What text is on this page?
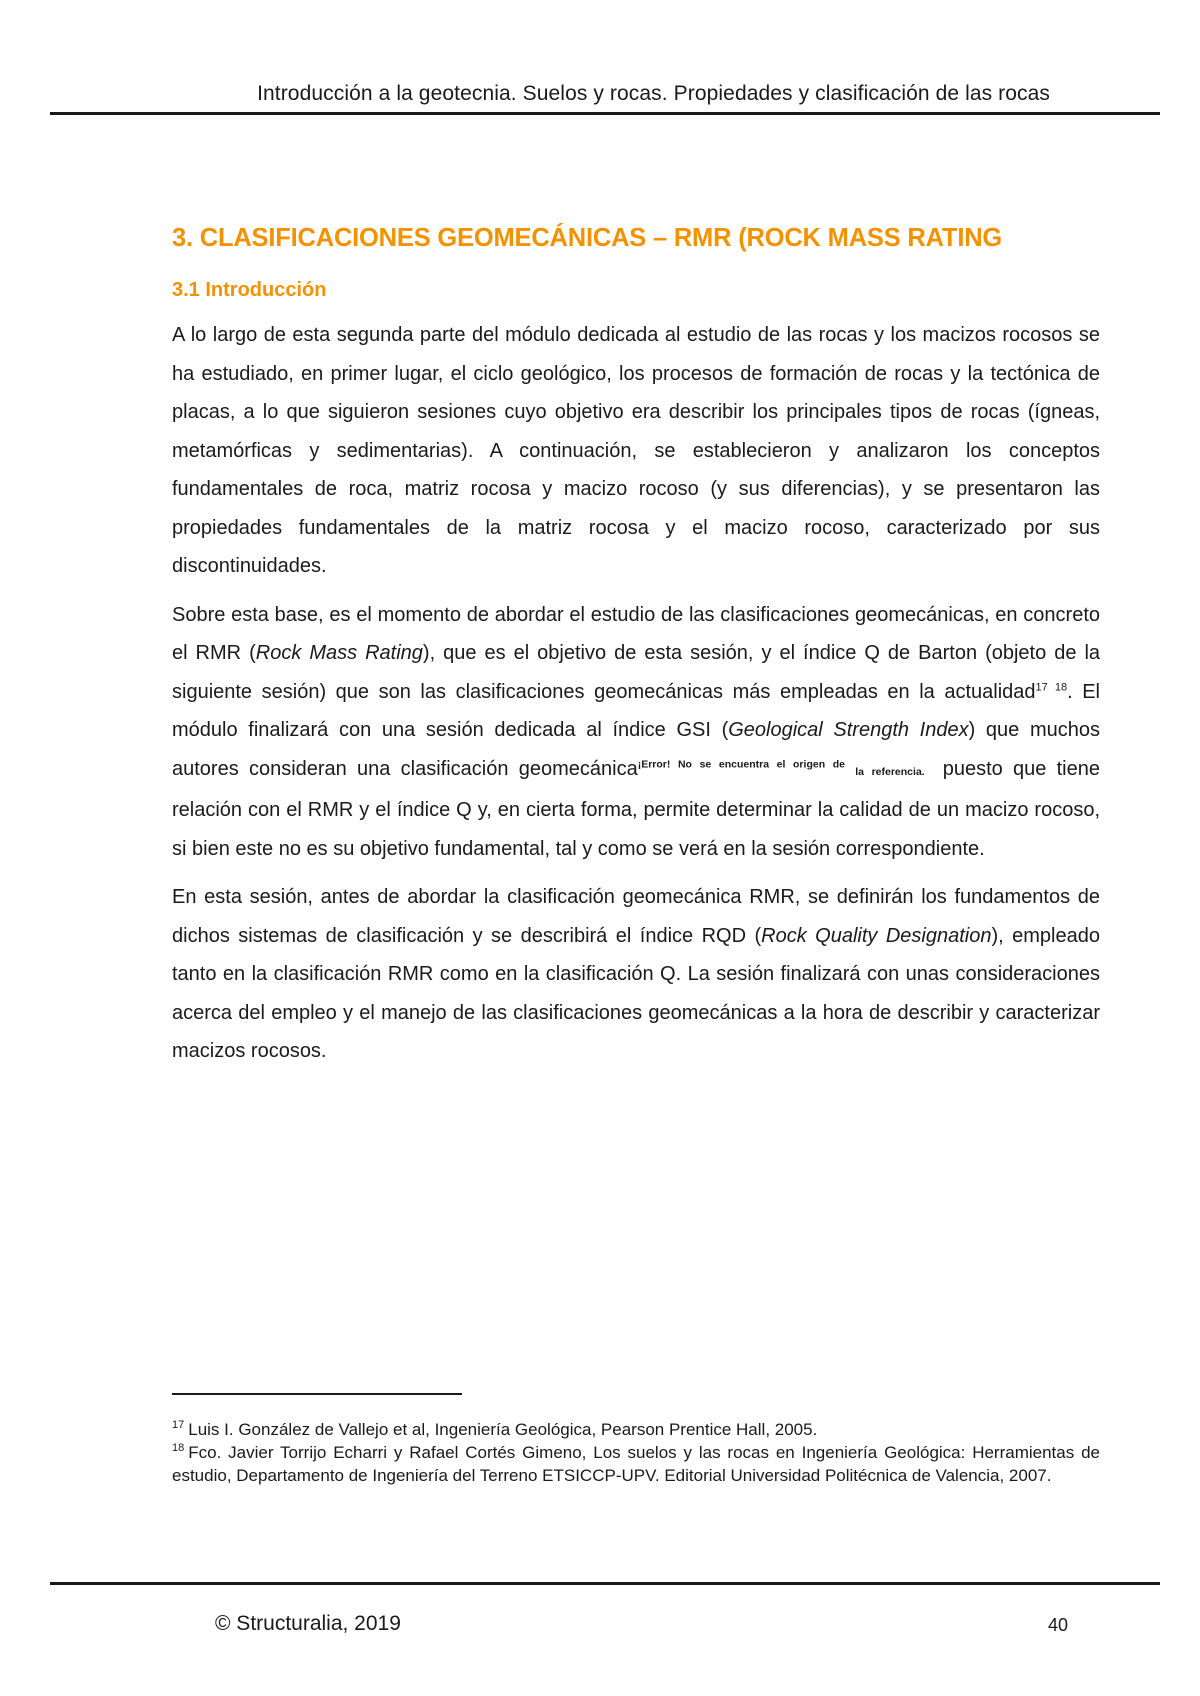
Introducción a la geotecnia. Suelos y rocas. Propiedades y clasificación de las rocas
3. CLASIFICACIONES GEOMECÁNICAS – RMR (ROCK MASS RATING
3.1 Introducción

A lo largo de esta segunda parte del módulo dedicada al estudio de las rocas y los macizos rocosos se ha estudiado, en primer lugar, el ciclo geológico, los procesos de formación de rocas y la tectónica de placas, a lo que siguieron sesiones cuyo objetivo era describir los principales tipos de rocas (ígneas, metamórficas y sedimentarias). A continuación, se establecieron y analizaron los conceptos fundamentales de roca, matriz rocosa y macizo rocoso (y sus diferencias), y se presentaron las propiedades fundamentales de la matriz rocosa y el macizo rocoso, caracterizado por sus discontinuidades.

Sobre esta base, es el momento de abordar el estudio de las clasificaciones geomecánicas, en concreto el RMR (Rock Mass Rating), que es el objetivo de esta sesión, y el índice Q de Barton (objeto de la siguiente sesión) que son las clasificaciones geomecánicas más empleadas en la actualidad$^{17 18}$. El módulo finalizará con una sesión dedicada al índice GSI (Geological Strength Index) que muchos autores consideran una clasificación geomecánica$^{¡Error! No se encuentra el origen de}$ la referencia. puesto que tiene relación con el RMR y el índice Q y, en cierta forma, permite determinar la calidad de un macizo rocoso, si bien este no es su objetivo fundamental, tal y como se verá en la sesión correspondiente.

En esta sesión, antes de abordar la clasificación geomecánica RMR, se definirán los fundamentos de dichos sistemas de clasificación y se describirá el índice RQD (Rock Quality Designation), empleado tanto en la clasificación RMR como en la clasificación Q. La sesión finalizará con unas consideraciones acerca del empleo y el manejo de las clasificaciones geomecánicas a la hora de describir y caracterizar macizos rocosos.

$^{17}$ Luis I. González de Vallejo et al, Ingeniería Geológica, Pearson Prentice Hall, 2005.

$^{18}$ Fco. Javier Torrijo Echarri y Rafael Cortés Gimeno, Los suelos y las rocas en Ingeniería Geológica: Herramientas de estudio, Departamento de Ingeniería del Terreno ETSICCP-UPV. Editorial Universidad Politécnica de Valencia, 2007.

© Structuralia, 2019	40
